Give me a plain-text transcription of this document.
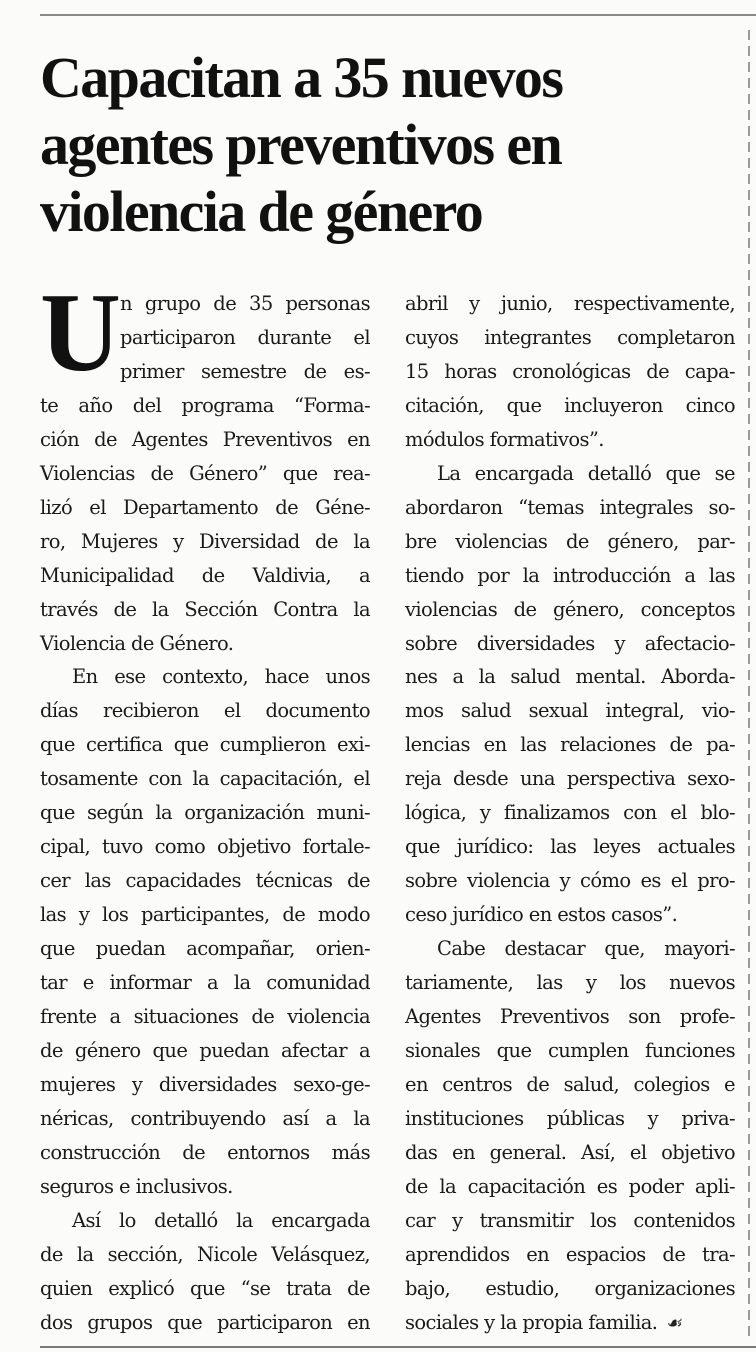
Capacitan a 35 nuevos
agentes preventivos en
violencia de género

U n grupo de 35 personas
participaron durante el
primer semestre de es-
te año del programa “Forma-
ción de Agentes Preventivos en
Violencias de Género” que rea-
lizó el Departamento de Géne-
ro, Mujeres y Diversidad de la
Municipalidad de Valdivia, a
través de la Sección Contra la
Violencia de Género.

En ese contexto, hace unos
días recibieron el documento
que certifica que cumplieron exi-
tosamente con la capacitación, el
que según la organización muni-
cipal, tuvo como objetivo fortale-
cer las capacidades técnicas de
las y los participantes, de modo
que puedan acompañar, orien-
tar e informar a la comunidad
frente a situaciones de violencia
de género que puedan afectar a
mujeres y diversidades sexo-ge-
néricas, contribuyendo así a la
construcción de entornos más
seguros e inclusivos.

Así lo detalló la encargada
de la sección, Nicole Velásquez,
quien explicó que “se trata de
dos grupos que participaron en

abril y junio, respectivamente,
cuyos integrantes completaron
15 horas cronológicas de capa-
citación, que incluyeron cinco
módulos formativos”.

La encargada detalló que se
abordaron “temas integrales so-
bre violencias de género, par-
tiendo por la introducción a las
violencias de género, conceptos
sobre diversidades y afectacio-
nes a la salud mental. Aborda-
mos salud sexual integral, vio-
lencias en las relaciones de pa-
reja desde una perspectiva sexo-
lógica, y finalizamos con el blo-
que jurídico: las leyes actuales
sobre violencia y cómo es el pro-
ceso jurídico en estos casos”.

Cabe destacar que, mayori-
tariamente, las y los nuevos
Agentes Preventivos son profe-
sionales que cumplen funciones
en centros de salud, colegios e
instituciones públicas y priva-
das en general. Así, el objetivo
de la capacitación es poder apli-
car y transmitir los contenidos
aprendidos en espacios de tra-
bajo, estudio, organizaciones
sociales y la propia familia. ☙
